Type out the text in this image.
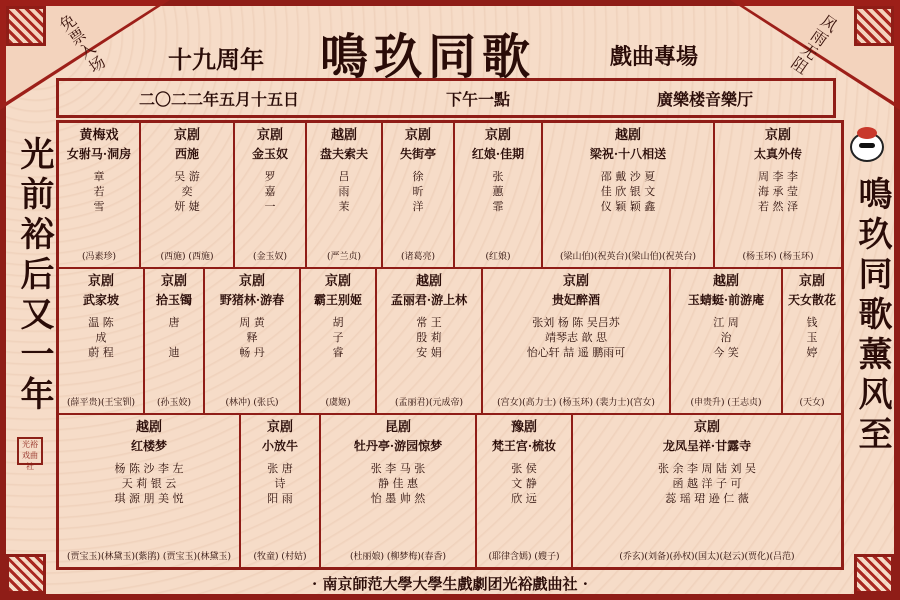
免票入场	风雨无阻
十九周年 鳴玖同歌	戲曲專場
光前裕后又一年
光裕戏曲社
鳴玖同歌薰风至
二〇二二年五月十五日	下午一點	廣樂楼音樂厅
黄梅戏
女驸马·洞房
章
若
雪
(冯素珍)
京剧
西施
吴 游
奕
妍 婕
(西施) (西施)
京剧
金玉奴
罗
嘉
一
(金玉奴)
越剧
盘夫索夫
吕
雨
茉
(严兰贞)
京剧
失街亭
徐
昕
洋
(诸葛亮)
京剧
红娘·佳期
张
蕙
霏
(红娘)
越剧
梁祝·十八相送
邵 戴 沙 夏
佳 欣 银 文
仪 颖 颖 鑫
(梁山伯)(祝英台)(梁山伯)(祝英台)
京剧
太真外传
周 李 李
海 承 莹
若 然 泽
(杨玉环) (杨玉环)
京剧
武家坡
温 陈
成
蔚 程
(薛平贵)(王宝钏)
京剧
拾玉镯
唐

迪
(孙玉姣)
京剧
野猪林·游春
周 黄
释
畅 丹
(林冲) (张氏)
京剧
霸王别姬
胡
子
睿
(虞姬)
越剧
孟丽君·游上林
常 王
殷 莉
安 娟
(孟丽君)(元成帝)
京剧
贵妃醉酒
张刘 杨 陈 吴吕苏
靖琴志 歆 思
怡心轩 喆 遥 鹏雨可
(宫女)(高力士) (杨玉环) (裴力士)(宫女)
越剧
玉蜻蜓·前游庵
江 周
治
今 笑
(申贵升) (王志贞)
京剧
天女散花
钱
玉
婷
(天女)
越剧
红楼梦
杨 陈 沙 李 左
天 莉 银 云
琪 源 朋 美 悦
(贾宝玉)(林黛玉)(紫鹃) (贾宝玉)(林黛玉)
京剧
小放牛
张 唐
诗
阳 雨
(牧童) (村姑)
昆剧
牡丹亭·游园惊梦
张 李 马 张
静 佳 惠
怡 墨 帅 然
(杜丽娘) (柳梦梅)(春香)
豫剧
梵王宫·梳妆
张 侯
文 静
欣 远
(耶律含嫣) (嫂子)
京剧
龙凤呈祥·甘露寺
张 余 李 周 陆 刘 吴
函 越 洋 子 可
蕊 瑶 珺 逊 仁 薇
(乔玄)(刘备)(孙权)(国太)(赵云)(贾化)(吕范)
· 南京師范大學大學生戲劇团光裕戲曲社 ·
